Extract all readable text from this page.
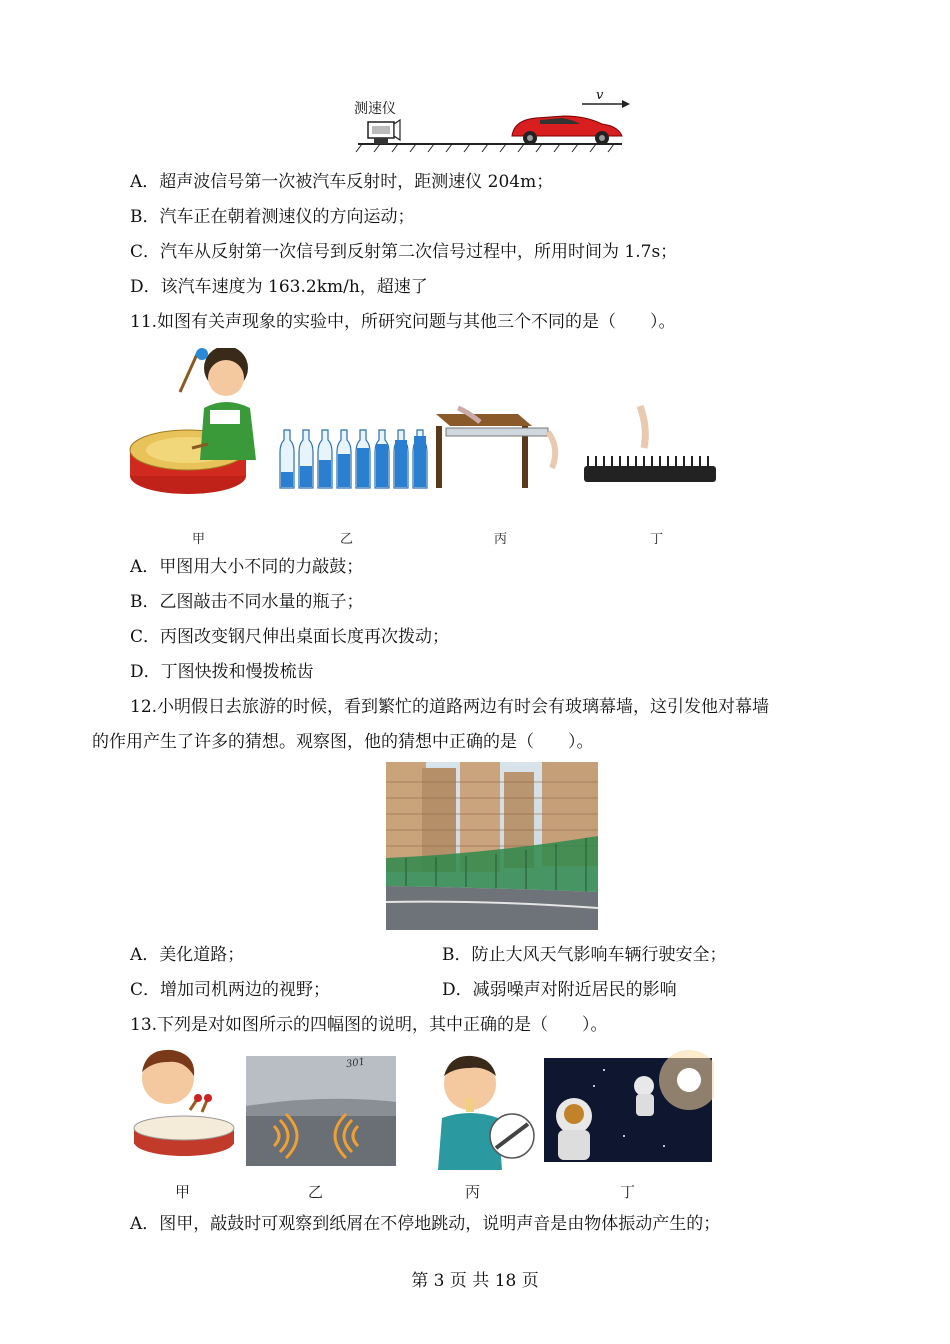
测速仪
v
A．超声波信号第一次被汽车反射时，距测速仪 204m；
B．汽车正在朝着测速仪的方向运动；
C．汽车从反射第一次信号到反射第二次信号过程中，所用时间为 1.7s；
D．该汽车速度为 163.2km/h，超速了
11.如图有关声现象的实验中，所研究问题与其他三个不同的是（　　）。
甲	乙	丙	丁
A．甲图用大小不同的力敲鼓；
B．乙图敲击不同水量的瓶子；
C．丙图改变钢尺伸出桌面长度再次拨动；
D．丁图快拨和慢拨梳齿
12.小明假日去旅游的时候，看到繁忙的道路两边有时会有玻璃幕墙，这引发他对幕墙
的作用产生了许多的猜想。观察图，他的猜想中正确的是（　　）。
A．美化道路；	B．防止大风天气影响车辆行驶安全；
C．增加司机两边的视野；	D．减弱噪声对附近居民的影响
13.下列是对如图所示的四幅图的说明，其中正确的是（　　）。
301
甲	乙	丙	丁
A．图甲，敲鼓时可观察到纸屑在不停地跳动，说明声音是由物体振动产生的；
第 3 页 共 18 页
